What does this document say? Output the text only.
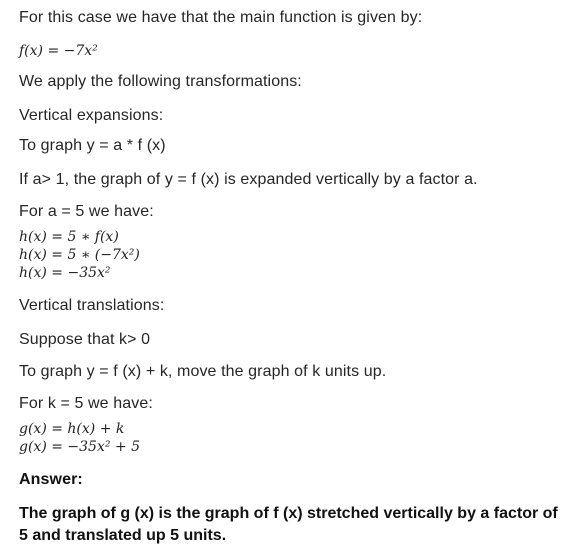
For this case we have that the main function is given by:
f(x) = −7x²
We apply the following transformations:
Vertical expansions:
To graph y = a * f (x)
If a> 1, the graph of y = f (x) is expanded vertically by a factor a.
For a = 5 we have:
h(x) = 5 ∗ f(x)
h(x) = 5 ∗ (−7x²)
h(x) = −35x²
Vertical translations:
Suppose that k> 0
To graph y = f (x) + k, move the graph of k units up.
For k = 5 we have:
g(x) = h(x) + k
g(x) = −35x² + 5
Answer:
The graph of g (x) is the graph of f (x) stretched vertically by a factor of 5 and translated up 5 units.
